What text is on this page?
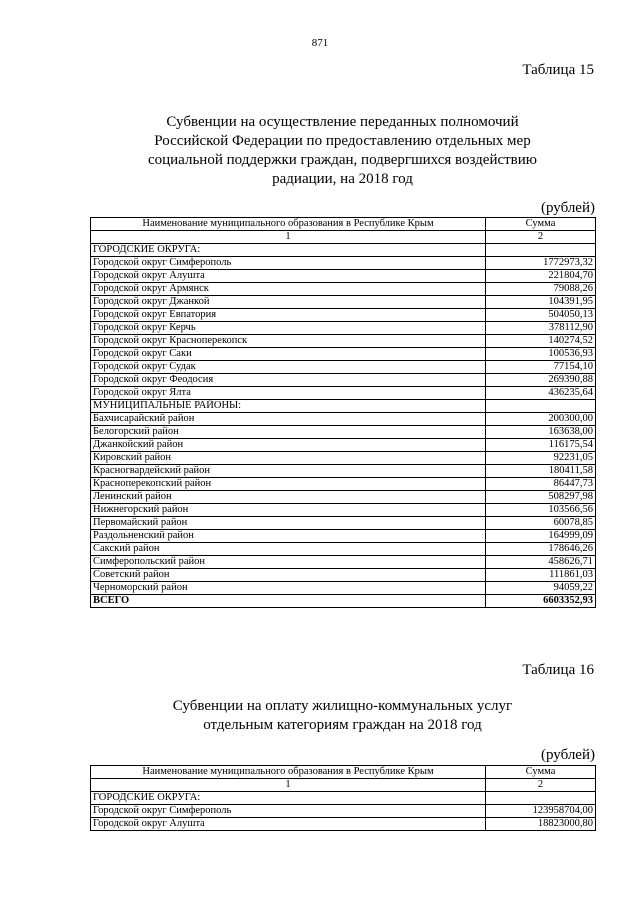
871
Таблица 15
Субвенции на осуществление переданных полномочий
Российской Федерации по предоставлению отдельных мер
социальной поддержки граждан, подвергшихся воздействию
радиации, на 2018 год
(рублей)
Наименование муниципального образования в Республике Крым	Сумма
1	2
ГОРОДСКИЕ ОКРУГА:	
Городской округ Симферополь	1772973,32
Городской округ Алушта	221804,70
Городской округ Армянск	79088,26
Городской округ Джанкой	104391,95
Городской округ Евпатория	504050,13
Городской округ Керчь	378112,90
Городской округ Красноперекопск	140274,52
Городской округ Саки	100536,93
Городской округ Судак	77154,10
Городской округ Феодосия	269390,88
Городской округ Ялта	436235,64
МУНИЦИПАЛЬНЫЕ РАЙОНЫ:	
Бахчисарайский район	200300,00
Белогорский район	163638,00
Джанкойский район	116175,54
Кировский район	92231,05
Красногвардейский район	180411,58
Красноперекопский район	86447,73
Ленинский район	508297,98
Нижнегорский район	103566,56
Первомайский район	60078,85
Раздольненский район	164999,09
Сакский район	178646,26
Симферопольский район	458626,71
Советский район	111861,03
Черноморский район	94059,22
ВСЕГО	6603352,93
Таблица 16
Субвенции на оплату жилищно-коммунальных услуг
отдельным категориям граждан на 2018 год
(рублей)
Наименование муниципального образования в Республике Крым	Сумма
1	2
ГОРОДСКИЕ ОКРУГА:	
Городской округ Симферополь	123958704,00
Городской округ Алушта	18823000,80
